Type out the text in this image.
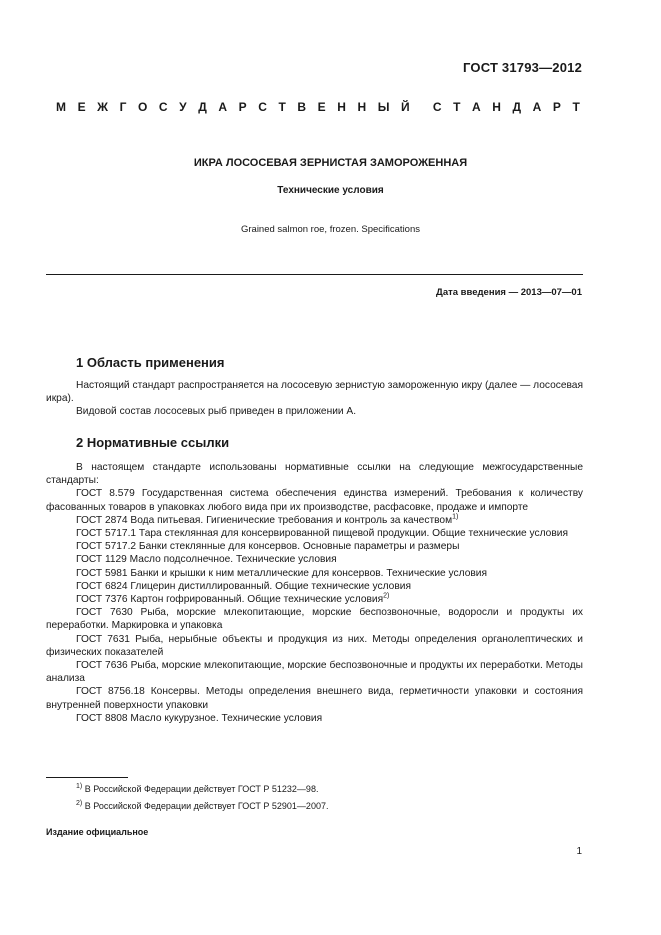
ГОСТ 31793—2012
М Е Ж Г О С У Д А Р С Т В Е Н Н Ы Й С Т А Н Д А Р Т
ИКРА ЛОСОСЕВАЯ ЗЕРНИСТАЯ ЗАМОРОЖЕННАЯ
Технические условия
Grained salmon roe, frozen. Specifications
Дата введения — 2013—07—01
1 Область применения

Настоящий стандарт распространяется на лососевую зернистую замороженную икру (далее — лососевая икра).

Видовой состав лососевых рыб приведен в приложении А.

2 Нормативные ссылки

В настоящем стандарте использованы нормативные ссылки на следующие межгосударственные стандарты:

ГОСТ 8.579 Государственная система обеспечения единства измерений. Требования к количеству фасованных товаров в упаковках любого вида при их производстве, расфасовке, продаже и импорте

ГОСТ 2874 Вода питьевая. Гигиенические требования и контроль за качеством$^{1)}$

ГОСТ 5717.1 Тара стеклянная для консервированной пищевой продукции. Общие технические условия

ГОСТ 5717.2 Банки стеклянные для консервов. Основные параметры и размеры

ГОСТ 1129 Масло подсолнечное. Технические условия

ГОСТ 5981 Банки и крышки к ним металлические для консервов. Технические условия

ГОСТ 6824 Глицерин дистиллированный. Общие технические условия

ГОСТ 7376 Картон гофрированный. Общие технические условия$^{2)}$

ГОСТ 7630 Рыба, морские млекопитающие, морские беспозвоночные, водоросли и продукты их переработки. Маркировка и упаковка

ГОСТ 7631 Рыба, нерыбные объекты и продукция из них. Методы определения органолептических и физических показателей

ГОСТ 7636 Рыба, морские млекопитающие, морские беспозвоночные и продукты их переработки. Методы анализа

ГОСТ 8756.18 Консервы. Методы определения внешнего вида, герметичности упаковки и состояния внутренней поверхности упаковки

ГОСТ 8808 Масло кукурузное. Технические условия

$^{1)}$ В Российской Федерации действует ГОСТ Р 51232—98.
$^{2)}$ В Российской Федерации действует ГОСТ Р 52901—2007.
Издание официальное
1
